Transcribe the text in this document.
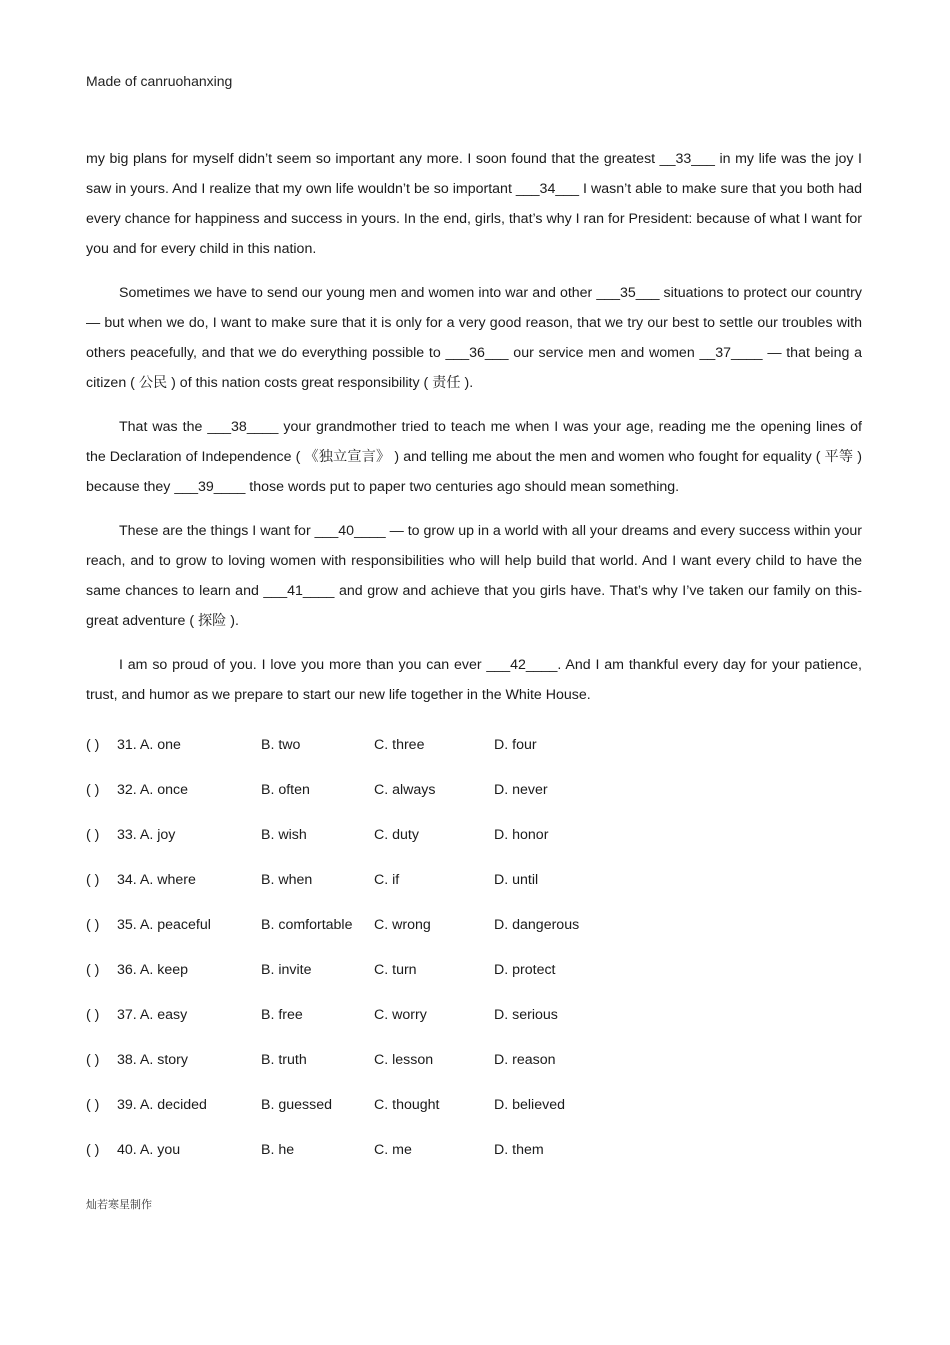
Made of canruohanxing

my big plans for myself didn’t seem so important any more. I soon found that the greatest __33___ in my life was the joy I saw in yours. And I realize that my own life wouldn’t be so important ___34___ I wasn’t able to make sure that you both had every chance for happiness and success in yours. In the end, girls, that’s why I ran for President: because of what I want for you and for every child in this nation.

Sometimes we have to send our young men and women into war and other ___35___ situations to protect our country — but when we do, I want to make sure that it is only for a very good reason, that we try our best to settle our troubles with others peacefully, and that we do everything possible to ___36___ our service men and women __37____ — that being a citizen ( 公民 ) of this nation costs great responsibility ( 责任 ).

That was the ___38____ your grandmother tried to teach me when I was your age, reading me the opening lines of the Declaration of Independence ( 《独立宣言》 ) and telling me about the men and women who fought for equality ( 平等 ) because they ___39____ those words put to paper two centuries ago should mean something.

These are the things I want for ___40____ — to grow up in a world with all your dreams and every success within your reach, and to grow to loving women with responsibilities who will help build that world. And I want every child to have the same chances to learn and ___41____ and grow and achieve that you girls have. That’s why I’ve taken our family on this-great adventure ( 探险 ).

I am so proud of you. I love you more than you can ever ___42____. And I am thankful every day for your patience, trust, and humor as we prepare to start our new life together in the White House.

( ) 31. A. one	B. two	C. three	D. four
( ) 32. A. once	B. often	C. always	D. never
( ) 33. A. joy	B. wish	C. duty	D. honor
( ) 34. A. where	B. when	C. if	D. until
( ) 35. A. peaceful	B. comfortable C. wrong	D. dangerous
( ) 36. A. keep	B. invite	C. turn	D. protect
( ) 37. A. easy	B. free	C. worry	D. serious
( ) 38. A. story	B. truth	C. lesson	D. reason
( ) 39. A. decided	B. guessed	C. thought	D. believed
( ) 40. A. you	B. he	C. me	D. them
灿若寒星制作
